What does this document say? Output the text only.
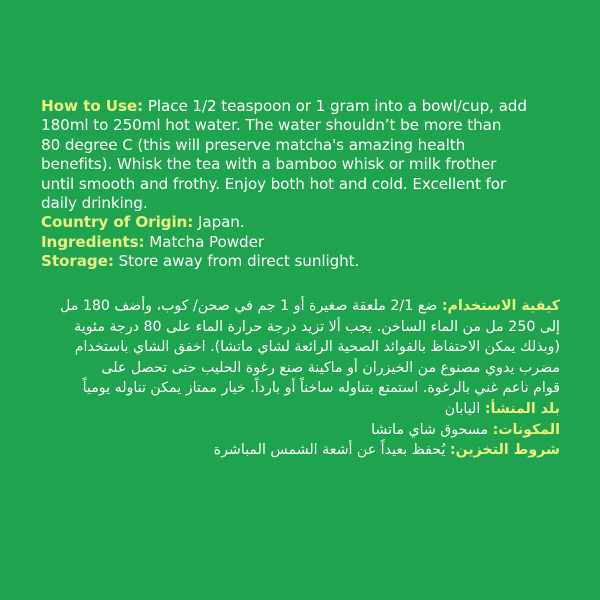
How to Use: Place 1/2 teaspoon or 1 gram into a bowl/cup, add
180ml to 250ml hot water. The water shouldn’t be more than
80 degree C (this will preserve matcha's amazing health
benefits). Whisk the tea with a bamboo whisk or milk frother
until smooth and frothy. Enjoy both hot and cold. Excellent for
daily drinking.

Country of Origin: Japan.

Ingredients: Matcha Powder

Storage: Store away from direct sunlight.

كيفية الاستخدام: ضع 2/1 ملعقة صغيرة أو 1 جم في صحن/ كوب، وأضف 180 مل
إلى 250 مل من الماء الساخن. يجب ألا تزيد درجة حرارة الماء على 80 درجة مئوية
(وبذلك يمكن الاحتفاظ بالفوائد الصحية الرائعة لشاي ماتشا). اخفق الشاي باستخدام
مضرب يدوي مصنوع من الخيزران أو ماكينة صنع رغوة الحليب حتى تحصل على
قوام ناعم غني بالرغوة. استمتع بتناوله ساخناً أو بارداً. خيار ممتاز يمكن تناوله يومياً

بلد المنشأ: اليابان

المكونات: مسحوق شاي ماتشا

شروط التخزين: يُحفظ بعيداً عن أشعة الشمس المباشرة
